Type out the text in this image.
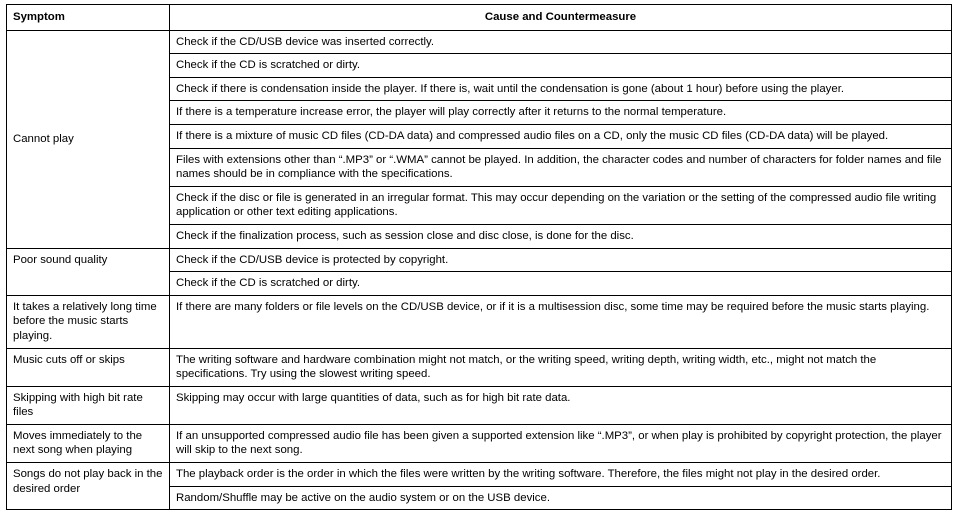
Symptom	Cause and Countermeasure
Cannot play	Check if the CD/USB device was inserted correctly.
	Check if the CD is scratched or dirty.
	Check if there is condensation inside the player. If there is, wait until the condensation is gone (about 1 hour) before using the player.
	If there is a temperature increase error, the player will play correctly after it returns to the normal temperature.
	If there is a mixture of music CD files (CD-DA data) and compressed audio files on a CD, only the music CD files (CD-DA data) will be played.
	Files with extensions other than “.MP3” or “.WMA” cannot be played. In addition, the character codes and number of characters for folder names and file names should be in compliance with the specifications.
	Check if the disc or file is generated in an irregular format. This may occur depending on the variation or the setting of the compressed audio file writing application or other text editing applications.
	Check if the finalization process, such as session close and disc close, is done for the disc.
Poor sound quality	Check if the CD/USB device is protected by copyright.
	Check if the CD is scratched or dirty.
It takes a relatively long time before the music starts playing.	If there are many folders or file levels on the CD/USB device, or if it is a multisession disc, some time may be required before the music starts playing.
Music cuts off or skips	The writing software and hardware combination might not match, or the writing speed, writing depth, writing width, etc., might not match the specifications. Try using the slowest writing speed.
Skipping with high bit rate files	Skipping may occur with large quantities of data, such as for high bit rate data.
Moves immediately to the next song when playing	If an unsupported compressed audio file has been given a supported extension like “.MP3”, or when play is prohibited by copyright protection, the player will skip to the next song.
Songs do not play back in the desired order	The playback order is the order in which the files were written by the writing software. Therefore, the files might not play in the desired order.
	Random/Shuffle may be active on the audio system or on the USB device.
